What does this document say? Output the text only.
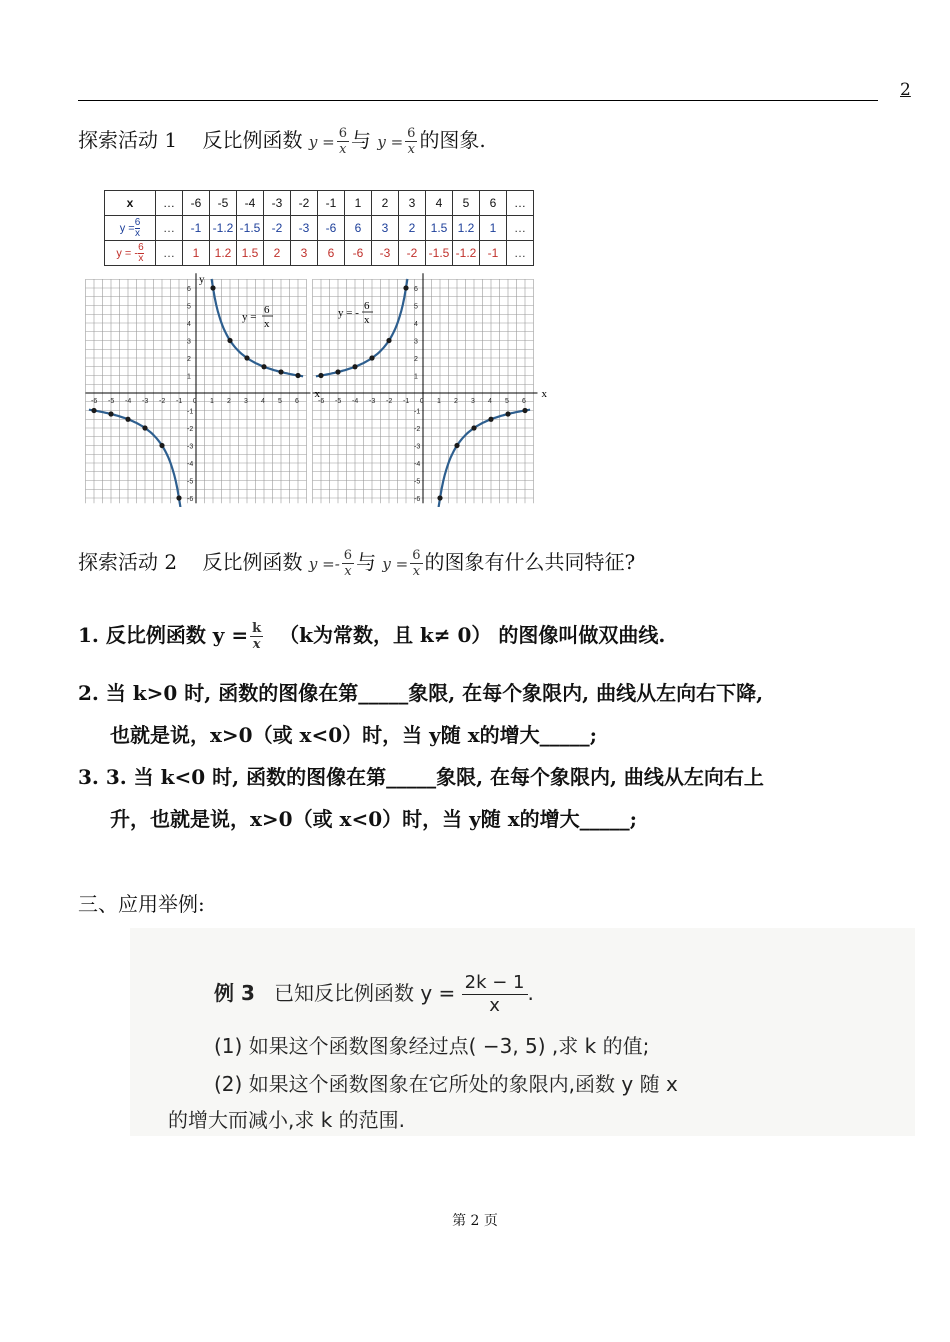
2
探索活动 1 反比例函数 $y = \frac{6}{x}$ 与 $y = \frac{6}{x}$ 的图象.
x	…	-6	-5	-4	-3	-2	-1	1	2	3	4	5	6	…
$y = \frac{6}{x}$	…	-1	-1.2	-1.5	-2	-3	-6	6	3	2	1.5	1.2	1	…
y = - $\frac{6}{x}$	…	1	1.2	1.5	2	3	6	-6	-3	-2	-1.5	-1.2	-1	…
-6 -5 -4 -3 -2 -1 0 1 2 3 4 5 6
6
5
4
3
2
1
-1
-2
-3
-4
-5
-6
x
y
-6 -5 -4 -3 -2 -1 0 1 2 3 4 5 6
6
5
4
3
2
1
-1
-2
-3
-4
-5
-6
x
y =
6
x
y = -
6
x
探索活动 2 反比例函数 $y =- \frac{6}{x}$ 与 $y = \frac{6}{x}$ 的图象有什么共同特征?
1. 反比例函数 $y = \frac{k}{x} (k$为常数，且 k≠ 0） 的图像叫做双曲线.
2. 当 k>0 时, 函数的图像在第_____象限, 在每个象限内, 曲线从左向右下降,
也就是说，x>0（或 x<0）时，当 y随 x的增大_____;
3. 3. 当 k<0 时, 函数的图像在第_____象限, 在每个象限内, 曲线从左向右上
升，也就是说，x>0（或 x<0）时，当 y随 x的增大_____;
三、应用举例:
例 3 已知反比例函数 $y = \frac{2k - 1}{x}$ .
(1) 如果这个函数图象经过点( −3, 5) ,求 k 的值;
(2) 如果这个函数图象在它所处的象限内,函数 y 随 x
的增大而减小,求 k 的范围.
第 2 页
